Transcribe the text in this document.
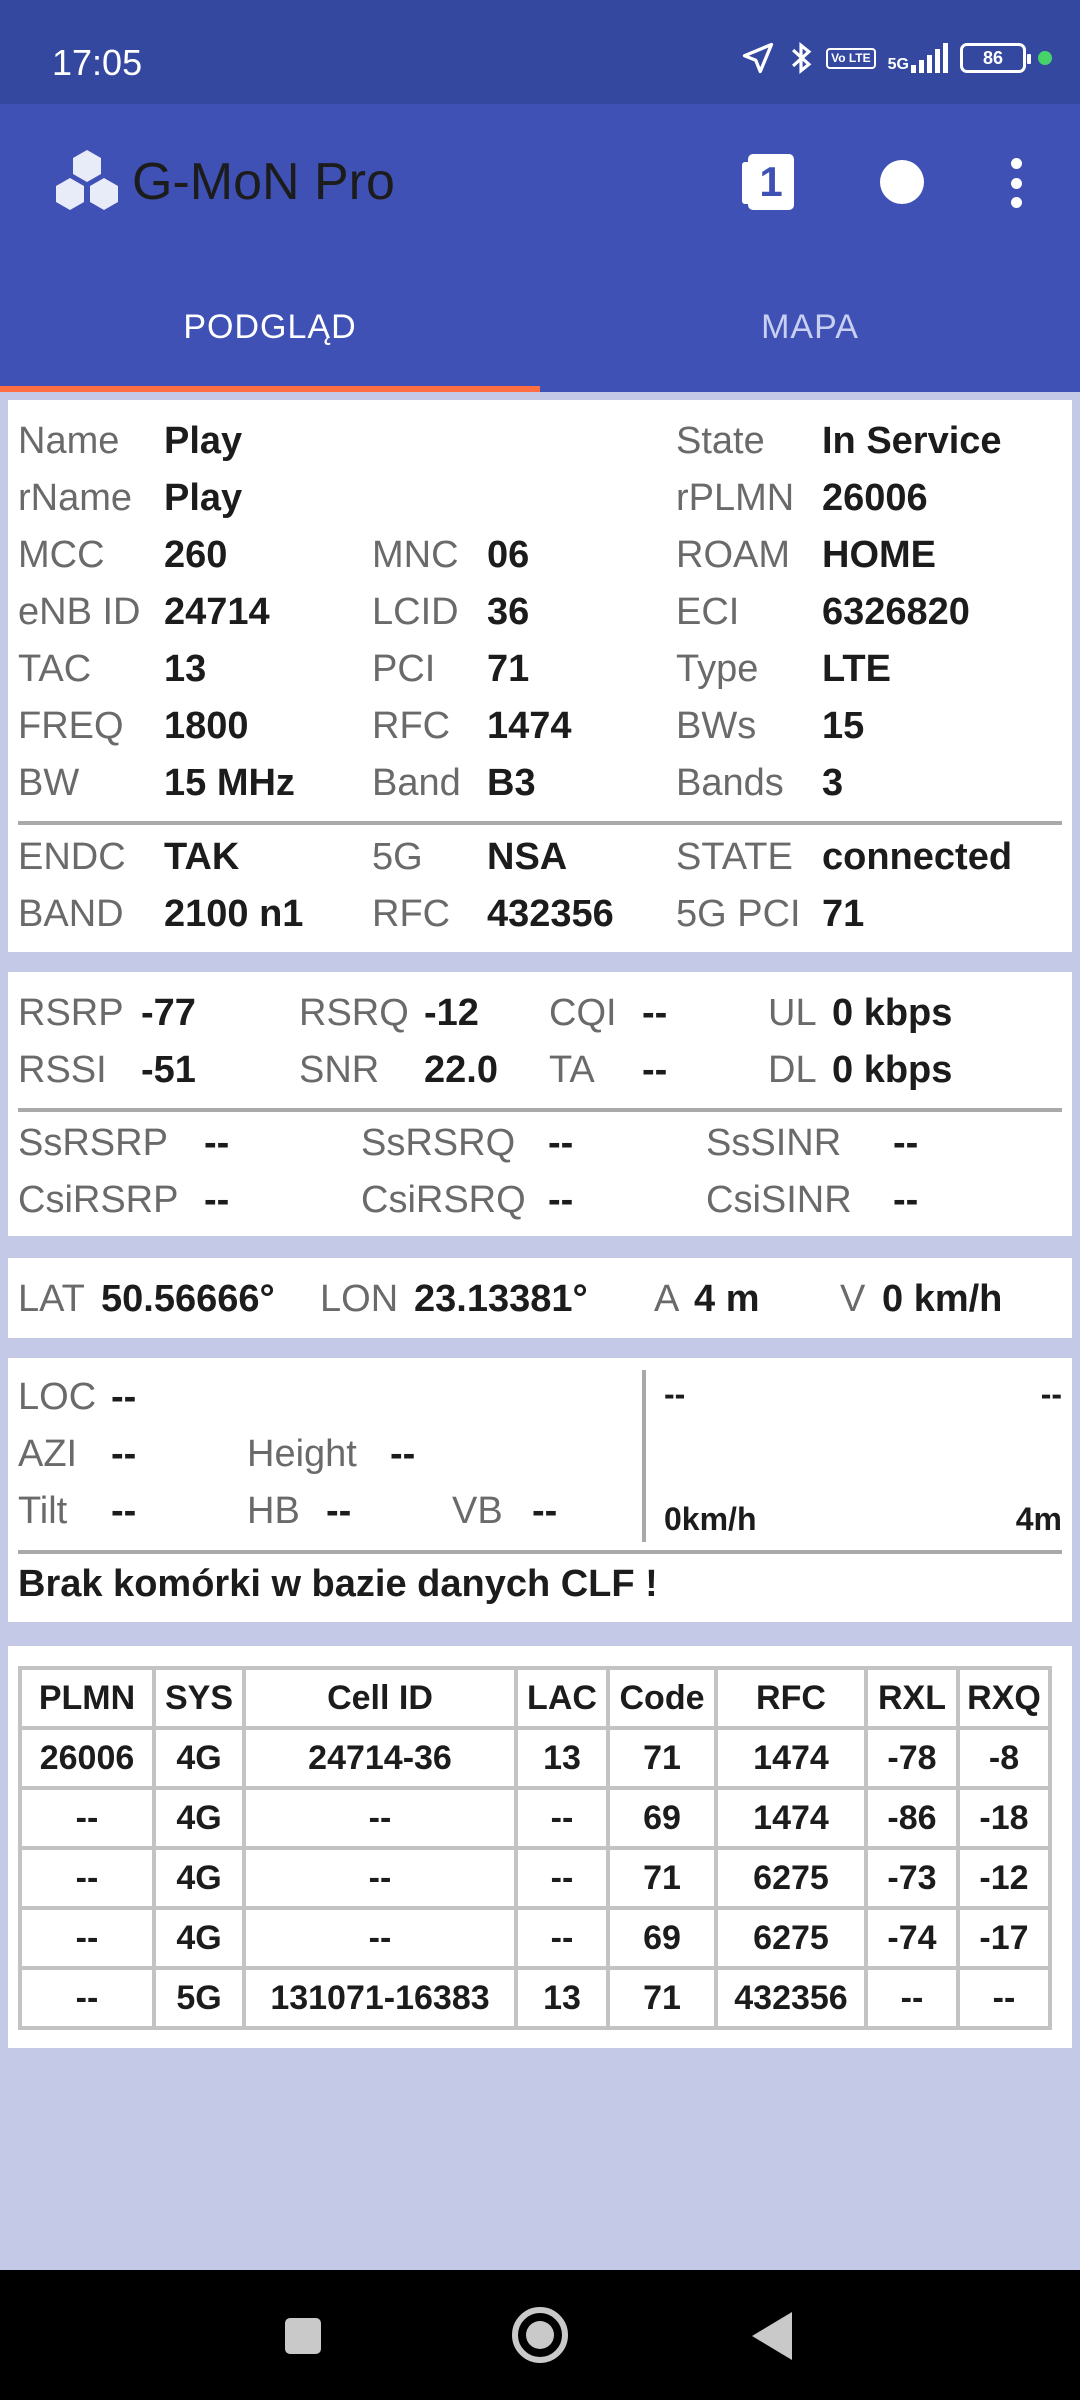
17:05	Vo LTE	5G	86
G-MoN Pro	1
PODGLĄD	MAPA
Name Play	State In Service
rName Play	rPLMN 26006
MCC 260	MNC 06	ROAM HOME
eNB ID 24714	LCID 36	ECI 6326820
TAC 13	PCI 71	Type LTE
FREQ 1800	RFC 1474	BWs 15
BW 15 MHz Band B3	Bands 3
ENDC TAK	5G NSA	STATE connected
BAND 2100 n1 RFC 432356 5G PCI 71
RSRP -77	RSRQ -12 CQI --	UL 0 kbps
RSSI -51	SNR 22.0 TA --	DL 0 kbps
SsRSRP --	SsRSRQ --	SsSINR --
CsiRSRP --	CsiRSRQ --	CsiSINR --
LAT 50.56666° LON 23.13381° A 4 m V 0 km/h
LOC --
AZI --	Height --
Tilt --	HB --	VB --
--	--
0km/h	4m
Brak komórki w bazie danych CLF !
PLMN	SYS	Cell ID	LAC	Code	RFC	RXL	RXQ
26006	4G	24714-36	13	71	1474	-78	-8
--	4G	--	--	69	1474	-86	-18
--	4G	--	--	71	6275	-73	-12
--	4G	--	--	69	6275	-74	-17
--	5G	131071-16383	13	71	432356	--	--
